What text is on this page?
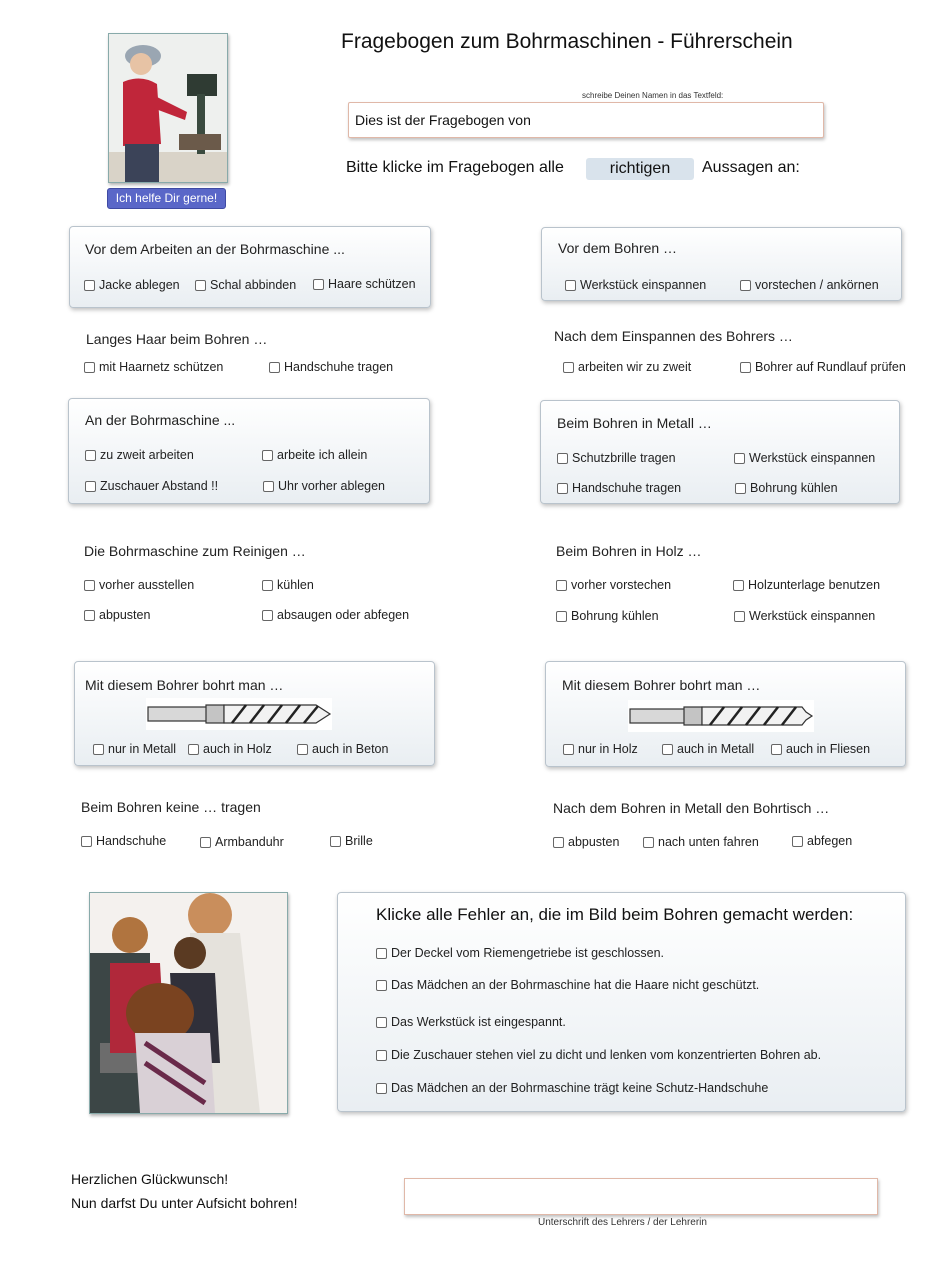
Ich helfe Dir gerne!
Fragebogen zum Bohrmaschinen - Führerschein
schreibe Deinen Namen in das Textfeld:
Dies ist der Fragebogen von
Bitte klicke im Fragebogen alle	richtigen	Aussagen an:
Vor dem Arbeiten an der Bohrmaschine ...
Jacke ablegen Schal abbinden	Haare schützen
Vor dem Bohren …
Werkstück einspannen	vorstechen / ankörnen
Langes Haar beim Bohren …
mit Haarnetz schützen	Handschuhe tragen
Nach dem Einspannen des Bohrers …
arbeiten wir zu zweit	Bohrer auf Rundlauf prüfen
An der Bohrmaschine ...
zu zweit arbeiten	arbeite ich allein
Zuschauer Abstand !!	Uhr vorher ablegen
Beim Bohren in Metall …
Schutzbrille tragen	Werkstück einspannen
Handschuhe tragen	Bohrung kühlen
Die Bohrmaschine zum Reinigen …
vorher ausstellen	kühlen
abpusten	absaugen oder abfegen
Beim Bohren in Holz …
vorher vorstechen	Holzunterlage benutzen
Bohrung kühlen	Werkstück einspannen
Mit diesem Bohrer bohrt man …
nur in Metall auch in Holz	auch in Beton
Mit diesem Bohrer bohrt man …
nur in Holz	auch in Metall	auch in Fliesen
Beim Bohren keine … tragen
Handschuhe	Armbanduhr	Brille
Nach dem Bohren in Metall den Bohrtisch …
abpusten	nach unten fahren	abfegen
Klicke alle Fehler an, die im Bild beim Bohren gemacht werden:
Der Deckel vom Riemengetriebe ist geschlossen.
Das Mädchen an der Bohrmaschine hat die Haare nicht geschützt.
Das Werkstück ist eingespannt.
Die Zuschauer stehen viel zu dicht und lenken vom konzentrierten Bohren ab.
Das Mädchen an der Bohrmaschine trägt keine Schutz-Handschuhe
Herzlichen Glückwunsch!
Nun darfst Du unter Aufsicht bohren!
Unterschrift des Lehrers / der Lehrerin
